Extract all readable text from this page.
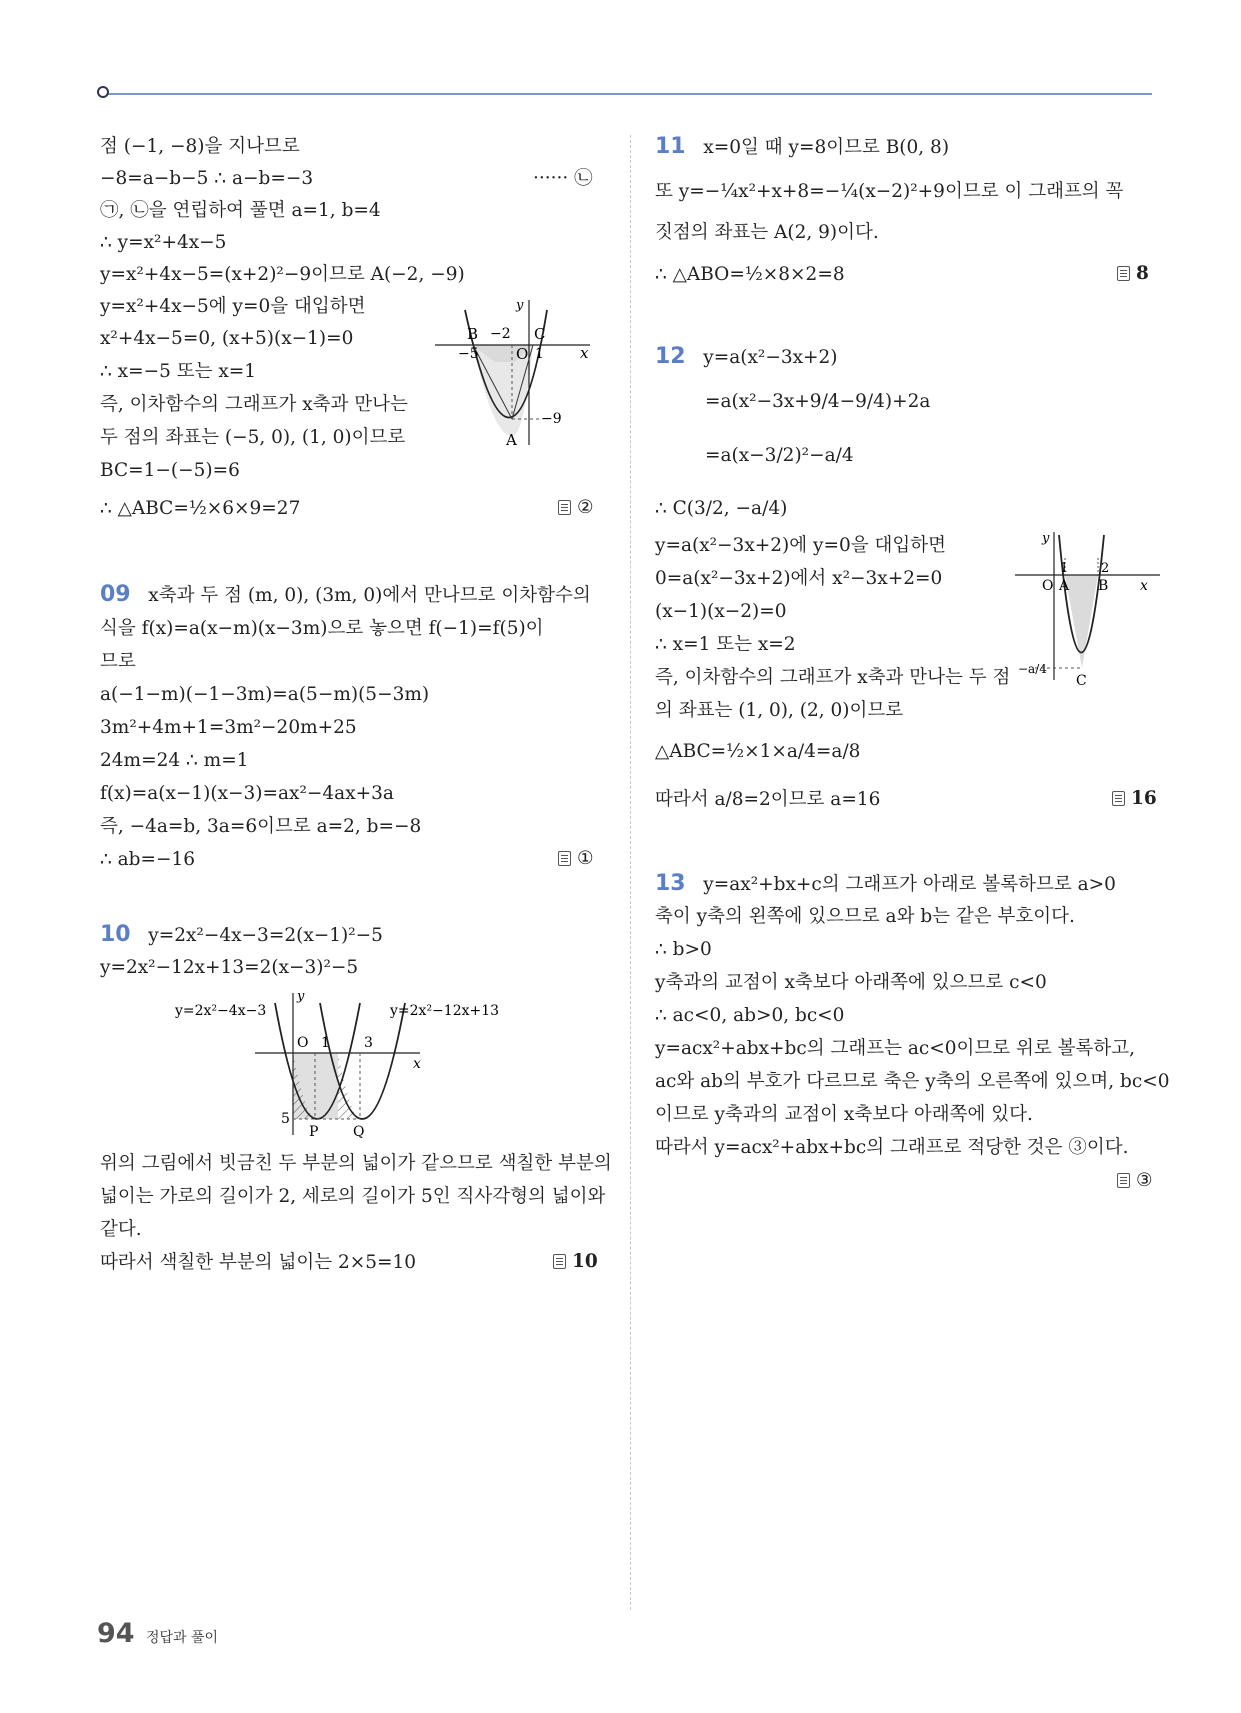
점 (−1, −8)을 지나므로
−8=a−b−5 ∴ a−b=−3	······ ㉡
㉠, ㉡을 연립하여 풀면 a=1, b=4
∴ y=x²+4x−5
y=x²+4x−5=(x+2)²−9이므로 A(−2, −9)
y=x²+4x−5에 y=0을 대입하면
x²+4x−5=0, (x+5)(x−1)=0
∴ x=−5 또는 x=1
즉, 이차함수의 그래프가 x축과 만나는
두 점의 좌표는 (−5, 0), (1, 0)이므로
BC=1−(−5)=6
∴ △ABC=½×6×9=27	②
y
B −2 C
−5 O 1 x
A
−9
09 x축과 두 점 (m, 0), (3m, 0)에서 만나므로 이차함수의
식을 f(x)=a(x−m)(x−3m)으로 놓으면 f(−1)=f(5)이
므로
a(−1−m)(−1−3m)=a(5−m)(5−3m)
3m²+4m+1=3m²−20m+25
24m=24 ∴ m=1
f(x)=a(x−1)(x−3)=ax²−4ax+3a
즉, −4a=b, 3a=6이므로 a=2, b=−8
∴ ab=−16	①
10 y=2x²−4x−3=2(x−1)²−5
y=2x²−12x+13=2(x−3)²−5
y=2x²−4x−3	y=2x²−12x+13
y
O 1 3
x
5
P Q
위의 그림에서 빗금친 두 부분의 넓이가 같으므로 색칠한 부분의
넓이는 가로의 길이가 2, 세로의 길이가 5인 직사각형의 넓이와
같다.
따라서 색칠한 부분의 넓이는 2×5=10	10
11 x=0일 때 y=8이므로 B(0, 8)
또 y=−¼x²+x+8=−¼(x−2)²+9이므로 이 그래프의 꼭
짓점의 좌표는 A(2, 9)이다.
∴ △ABO=½×8×2=8	8
12 y=a(x²−3x+2)
=a(x²−3x+9/4−9/4)+2a
=a(x−3/2)²−a/4
∴ C(3/2, −a/4)
y=a(x²−3x+2)에 y=0을 대입하면
0=a(x²−3x+2)에서 x²−3x+2=0
(x−1)(x−2)=0
∴ x=1 또는 x=2
즉, 이차함수의 그래프가 x축과 만나는 두 점
의 좌표는 (1, 0), (2, 0)이므로
△ABC=½×1×a/4=a/8
따라서 a/8=2이므로 a=16	16
y
1	2
O A B x
−a/4
C
13 y=ax²+bx+c의 그래프가 아래로 볼록하므로 a>0
축이 y축의 왼쪽에 있으므로 a와 b는 같은 부호이다.
∴ b>0
y축과의 교점이 x축보다 아래쪽에 있으므로 c<0
∴ ac<0, ab>0, bc<0
y=acx²+abx+bc의 그래프는 ac<0이므로 위로 볼록하고,
ac와 ab의 부호가 다르므로 축은 y축의 오른쪽에 있으며, bc<0
이므로 y축과의 교점이 x축보다 아래쪽에 있다.
따라서 y=acx²+abx+bc의 그래프로 적당한 것은 ③이다.
③
94 정답과 풀이
